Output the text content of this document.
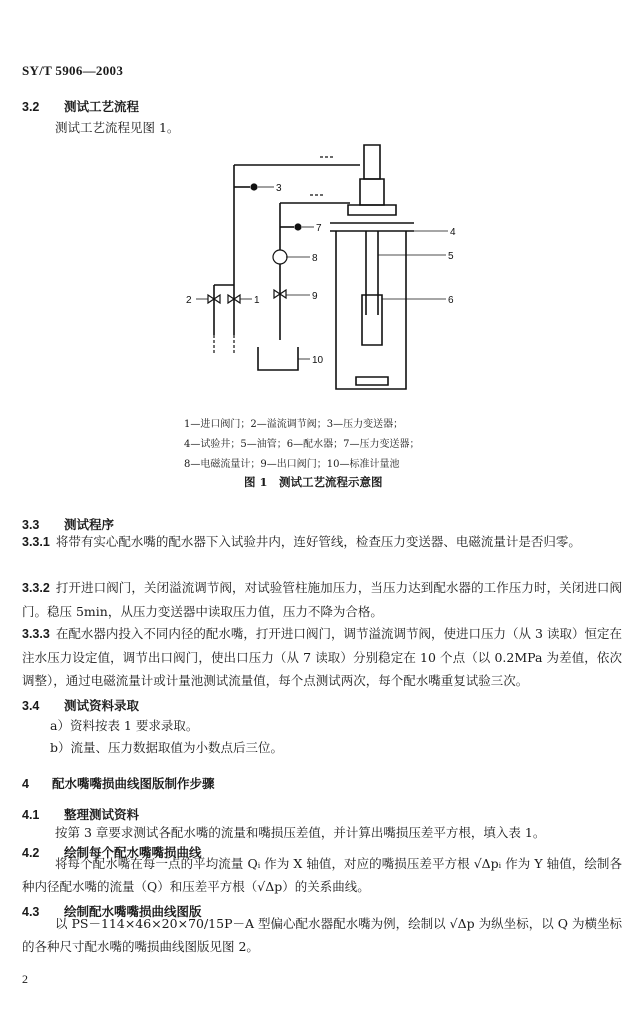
SY/T 5906—2003
3.2 测试工艺流程
测试工艺流程见图 1。
3
7
8
9
4
5
6
10
1
2
1—进口阀门；2—溢流调节阀；3—压力变送器；
4—试验井；5—油管；6—配水器；7—压力变送器；
8—电磁流量计；9—出口阀门；10—标准计量池
图 1　测试工艺流程示意图
3.3 测试程序
3.3.1 将带有实心配水嘴的配水器下入试验井内，连好管线，检查压力变送器、电磁流量计是否归零。
3.3.2 打开进口阀门，关闭溢流调节阀，对试验管柱施加压力，当压力达到配水器的工作压力时，关闭进口阀门。稳压 5min，从压力变送器中读取压力值，压力不降为合格。
3.3.3 在配水器内投入不同内径的配水嘴，打开进口阀门，调节溢流调节阀，使进口压力（从 3 读取）恒定在注水压力设定值，调节出口阀门，使出口压力（从 7 读取）分别稳定在 10 个点（以 0.2MPa 为差值，依次调整），通过电磁流量计或计量池测试流量值，每个点测试两次，每个配水嘴重复试验三次。
3.4 测试资料录取
a）资料按表 1 要求录取。
b）流量、压力数据取值为小数点后三位。
4 配水嘴嘴损曲线图版制作步骤
4.1 整理测试资料
按第 3 章要求测试各配水嘴的流量和嘴损压差值，并计算出嘴损压差平方根，填入表 1。
4.2 绘制每个配水嘴嘴损曲线
将每个配水嘴在每一点的平均流量 Qᵢ 作为 X 轴值，对应的嘴损压差平方根 √Δpᵢ 作为 Y 轴值，绘制各种内径配水嘴的流量（Q）和压差平方根（√Δp）的关系曲线。
4.3 绘制配水嘴嘴损曲线图版
以 PS－114×46×20×70/15P－A 型偏心配水器配水嘴为例，绘制以 √Δp 为纵坐标，以 Q 为横坐标的各种尺寸配水嘴的嘴损曲线图版见图 2。
2
